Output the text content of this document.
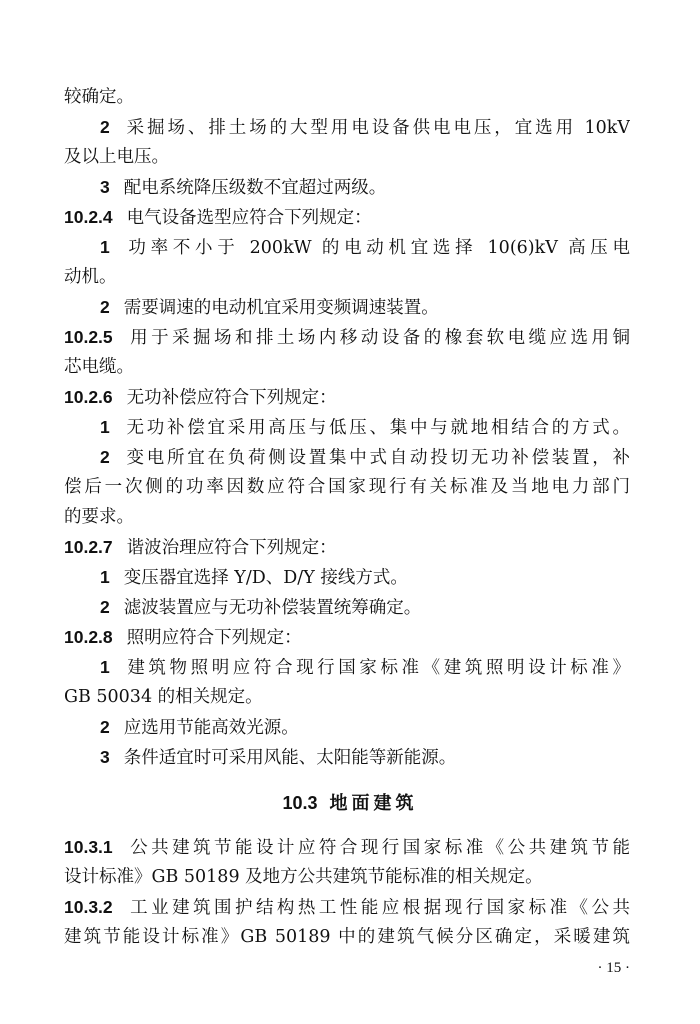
较确定。
2 采掘场、排土场的大型用电设备供电电压，宜选用 10kV
及以上电压。
3 配电系统降压级数不宜超过两级。
10.2.4 电气设备选型应符合下列规定：
1 功率不小于 200kW 的电动机宜选择 10(6)kV 高压电
动机。
2 需要调速的电动机宜采用变频调速装置。
10.2.5 用于采掘场和排土场内移动设备的橡套软电缆应选用铜
芯电缆。
10.2.6 无功补偿应符合下列规定：
1 无功补偿宜采用高压与低压、集中与就地相结合的方式。
2 变电所宜在负荷侧设置集中式自动投切无功补偿装置，补
偿后一次侧的功率因数应符合国家现行有关标准及当地电力部门
的要求。
10.2.7 谐波治理应符合下列规定：
1 变压器宜选择 Y/D、D/Y 接线方式。
2 滤波装置应与无功补偿装置统筹确定。
10.2.8 照明应符合下列规定：
1 建筑物照明应符合现行国家标准《建筑照明设计标准》
GB 50034 的相关规定。
2 应选用节能高效光源。
3 条件适宜时可采用风能、太阳能等新能源。
10.3 地面建筑
10.3.1 公共建筑节能设计应符合现行国家标准《公共建筑节能
设计标准》GB 50189 及地方公共建筑节能标准的相关规定。
10.3.2 工业建筑围护结构热工性能应根据现行国家标准《公共
建筑节能设计标准》GB 50189 中的建筑气候分区确定，采暖建筑
· 15 ·
